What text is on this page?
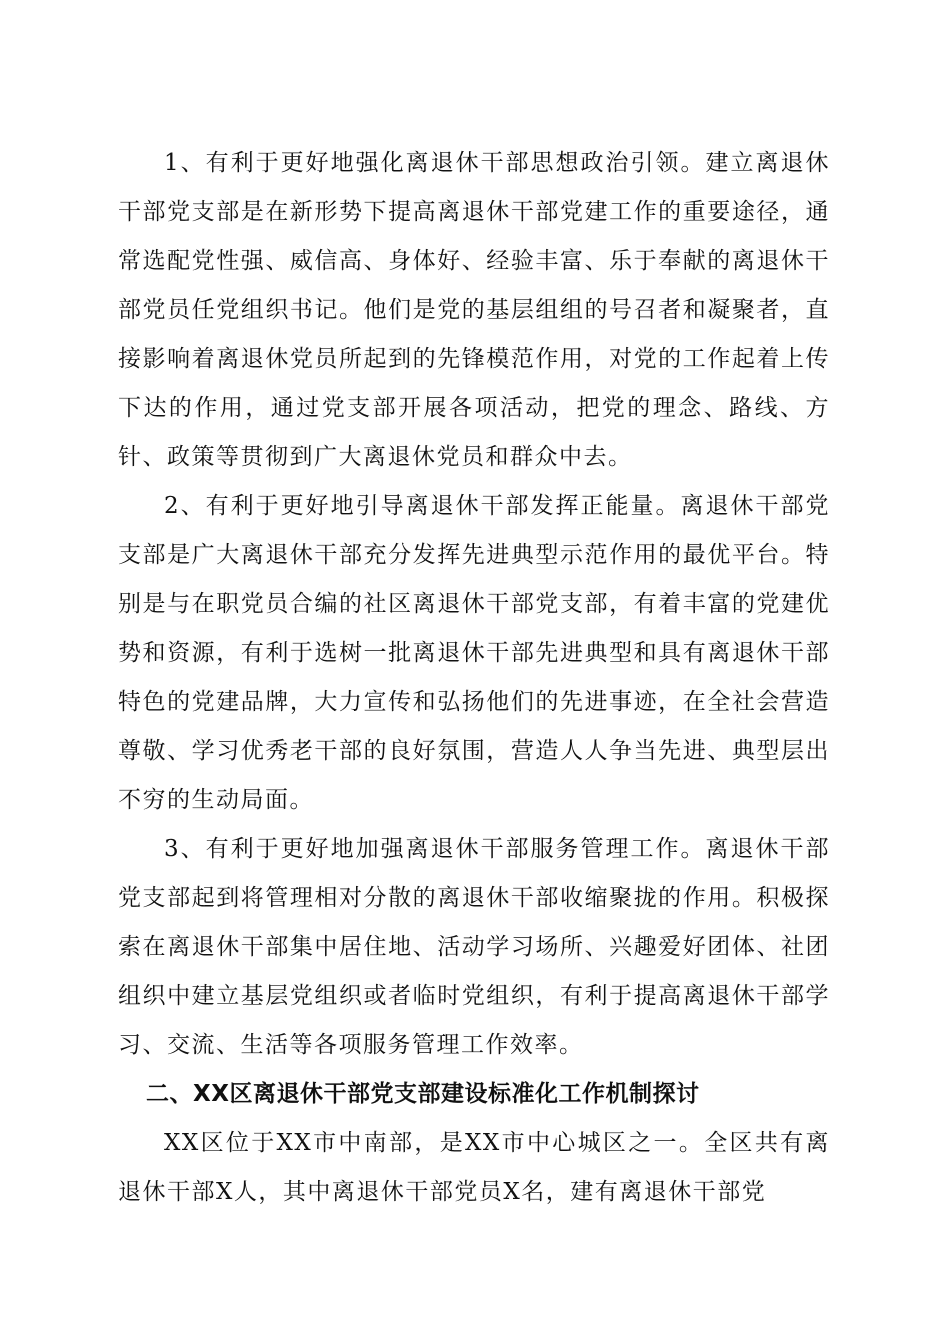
1、有利于更好地强化离退休干部思想政治引领。建立离退休干部党支部是在新形势下提高离退休干部党建工作的重要途径，通常选配党性强、威信高、身体好、经验丰富、乐于奉献的离退休干部党员任党组织书记。他们是党的基层组组的号召者和凝聚者，直接影响着离退休党员所起到的先锋模范作用，对党的工作起着上传下达的作用，通过党支部开展各项活动，把党的理念、路线、方针、政策等贯彻到广大离退休党员和群众中去。

2、有利于更好地引导离退休干部发挥正能量。离退休干部党支部是广大离退休干部充分发挥先进典型示范作用的最优平台。特别是与在职党员合编的社区离退休干部党支部，有着丰富的党建优势和资源，有利于选树一批离退休干部先进典型和具有离退休干部特色的党建品牌，大力宣传和弘扬他们的先进事迹，在全社会营造尊敬、学习优秀老干部的良好氛围，营造人人争当先进、典型层出不穷的生动局面。

3、有利于更好地加强离退休干部服务管理工作。离退休干部党支部起到将管理相对分散的离退休干部收缩聚拢的作用。积极探索在离退休干部集中居住地、活动学习场所、兴趣爱好团体、社团组织中建立基层党组织或者临时党组织，有利于提高离退休干部学习、交流、生活等各项服务管理工作效率。

二、XX区离退休干部党支部建设标准化工作机制探讨

XX区位于XX市中南部，是XX市中心城区之一。全区共有离退休干部X人，其中离退休干部党员X名，建有离退休干部党
